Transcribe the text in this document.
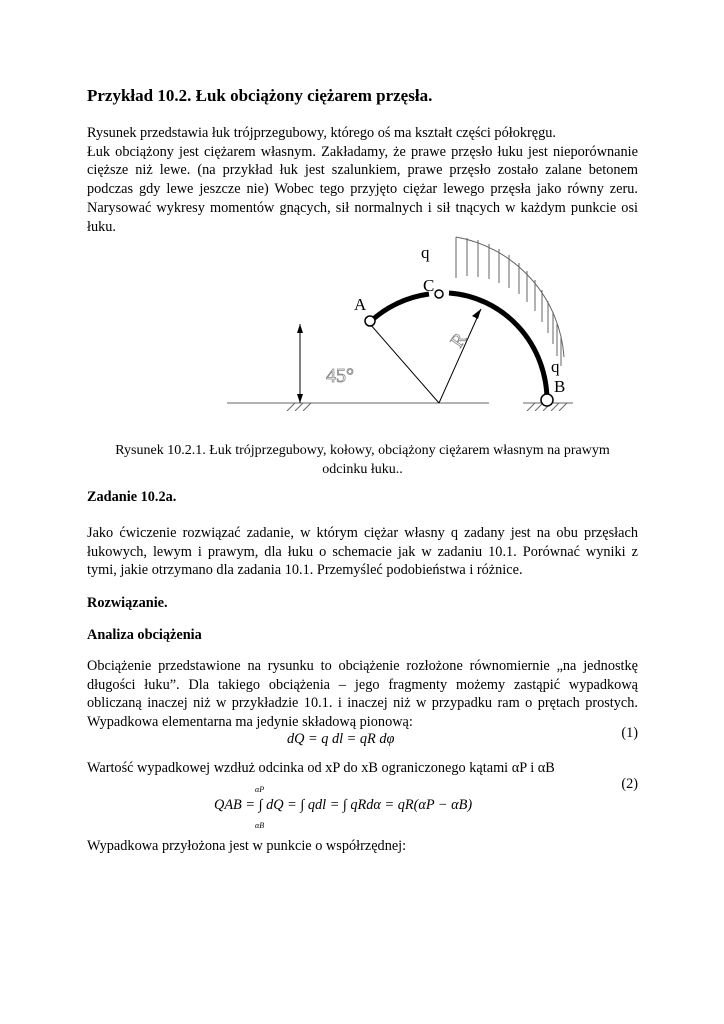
Przykład 10.2. Łuk obciążony ciężarem przęsła.
Rysunek przedstawia łuk trójprzegubowy, którego oś ma kształt części półokręgu.
Łuk obciążony jest ciężarem własnym. Zakładamy, że prawe przęsło łuku jest nieporównanie
cięższe niż lewe. (na przykład łuk jest szalunkiem, prawe przęsło zostało zalane betonem
podczas gdy lewe jeszcze nie) Wobec tego przyjęto ciężar lewego przęsła jako równy zeru.
Narysować wykresy momentów gnących, sił normalnych i sił tnących w każdym punkcie osi
łuku.
q
C
A
R
45°	q
B
Rysunek 10.2.1. Łuk trójprzegubowy, kołowy, obciążony ciężarem własnym na prawym
odcinku łuku..
Zadanie 10.2a.
Jako ćwiczenie rozwiązać zadanie, w którym ciężar własny q zadany jest na obu przęsłach
łukowych, lewym i prawym, dla łuku o schemacie jak w zadaniu 10.1. Porównać wyniki z
tymi, jakie otrzymano dla zadania 10.1. Przemyśleć podobieństwa i różnice.
Rozwiązanie.
Analiza obciążenia
Obciążenie przedstawione na rysunku to obciążenie rozłożone równomiernie „na jednostkę
długości łuku”. Dla takiego obciążenia – jego fragmenty możemy zastąpić wypadkową
obliczaną inaczej niż w przykładzie 10.1. i inaczej niż w przypadku ram o prętach prostych.
Wypadkowa elementarna ma jedynie składową pionową:
dQ = q dl = qR dφ	(1)
Wartość wypadkowej wzdłuż odcinka od xP do xB ograniczonego kątami αP i αB
(2)
QAB = ∫ dQ = ∫ qdl = ∫ qRdα = qR(αP − αB)
αP
αB
Wypadkowa przyłożona jest w punkcie o współrzędnej:
